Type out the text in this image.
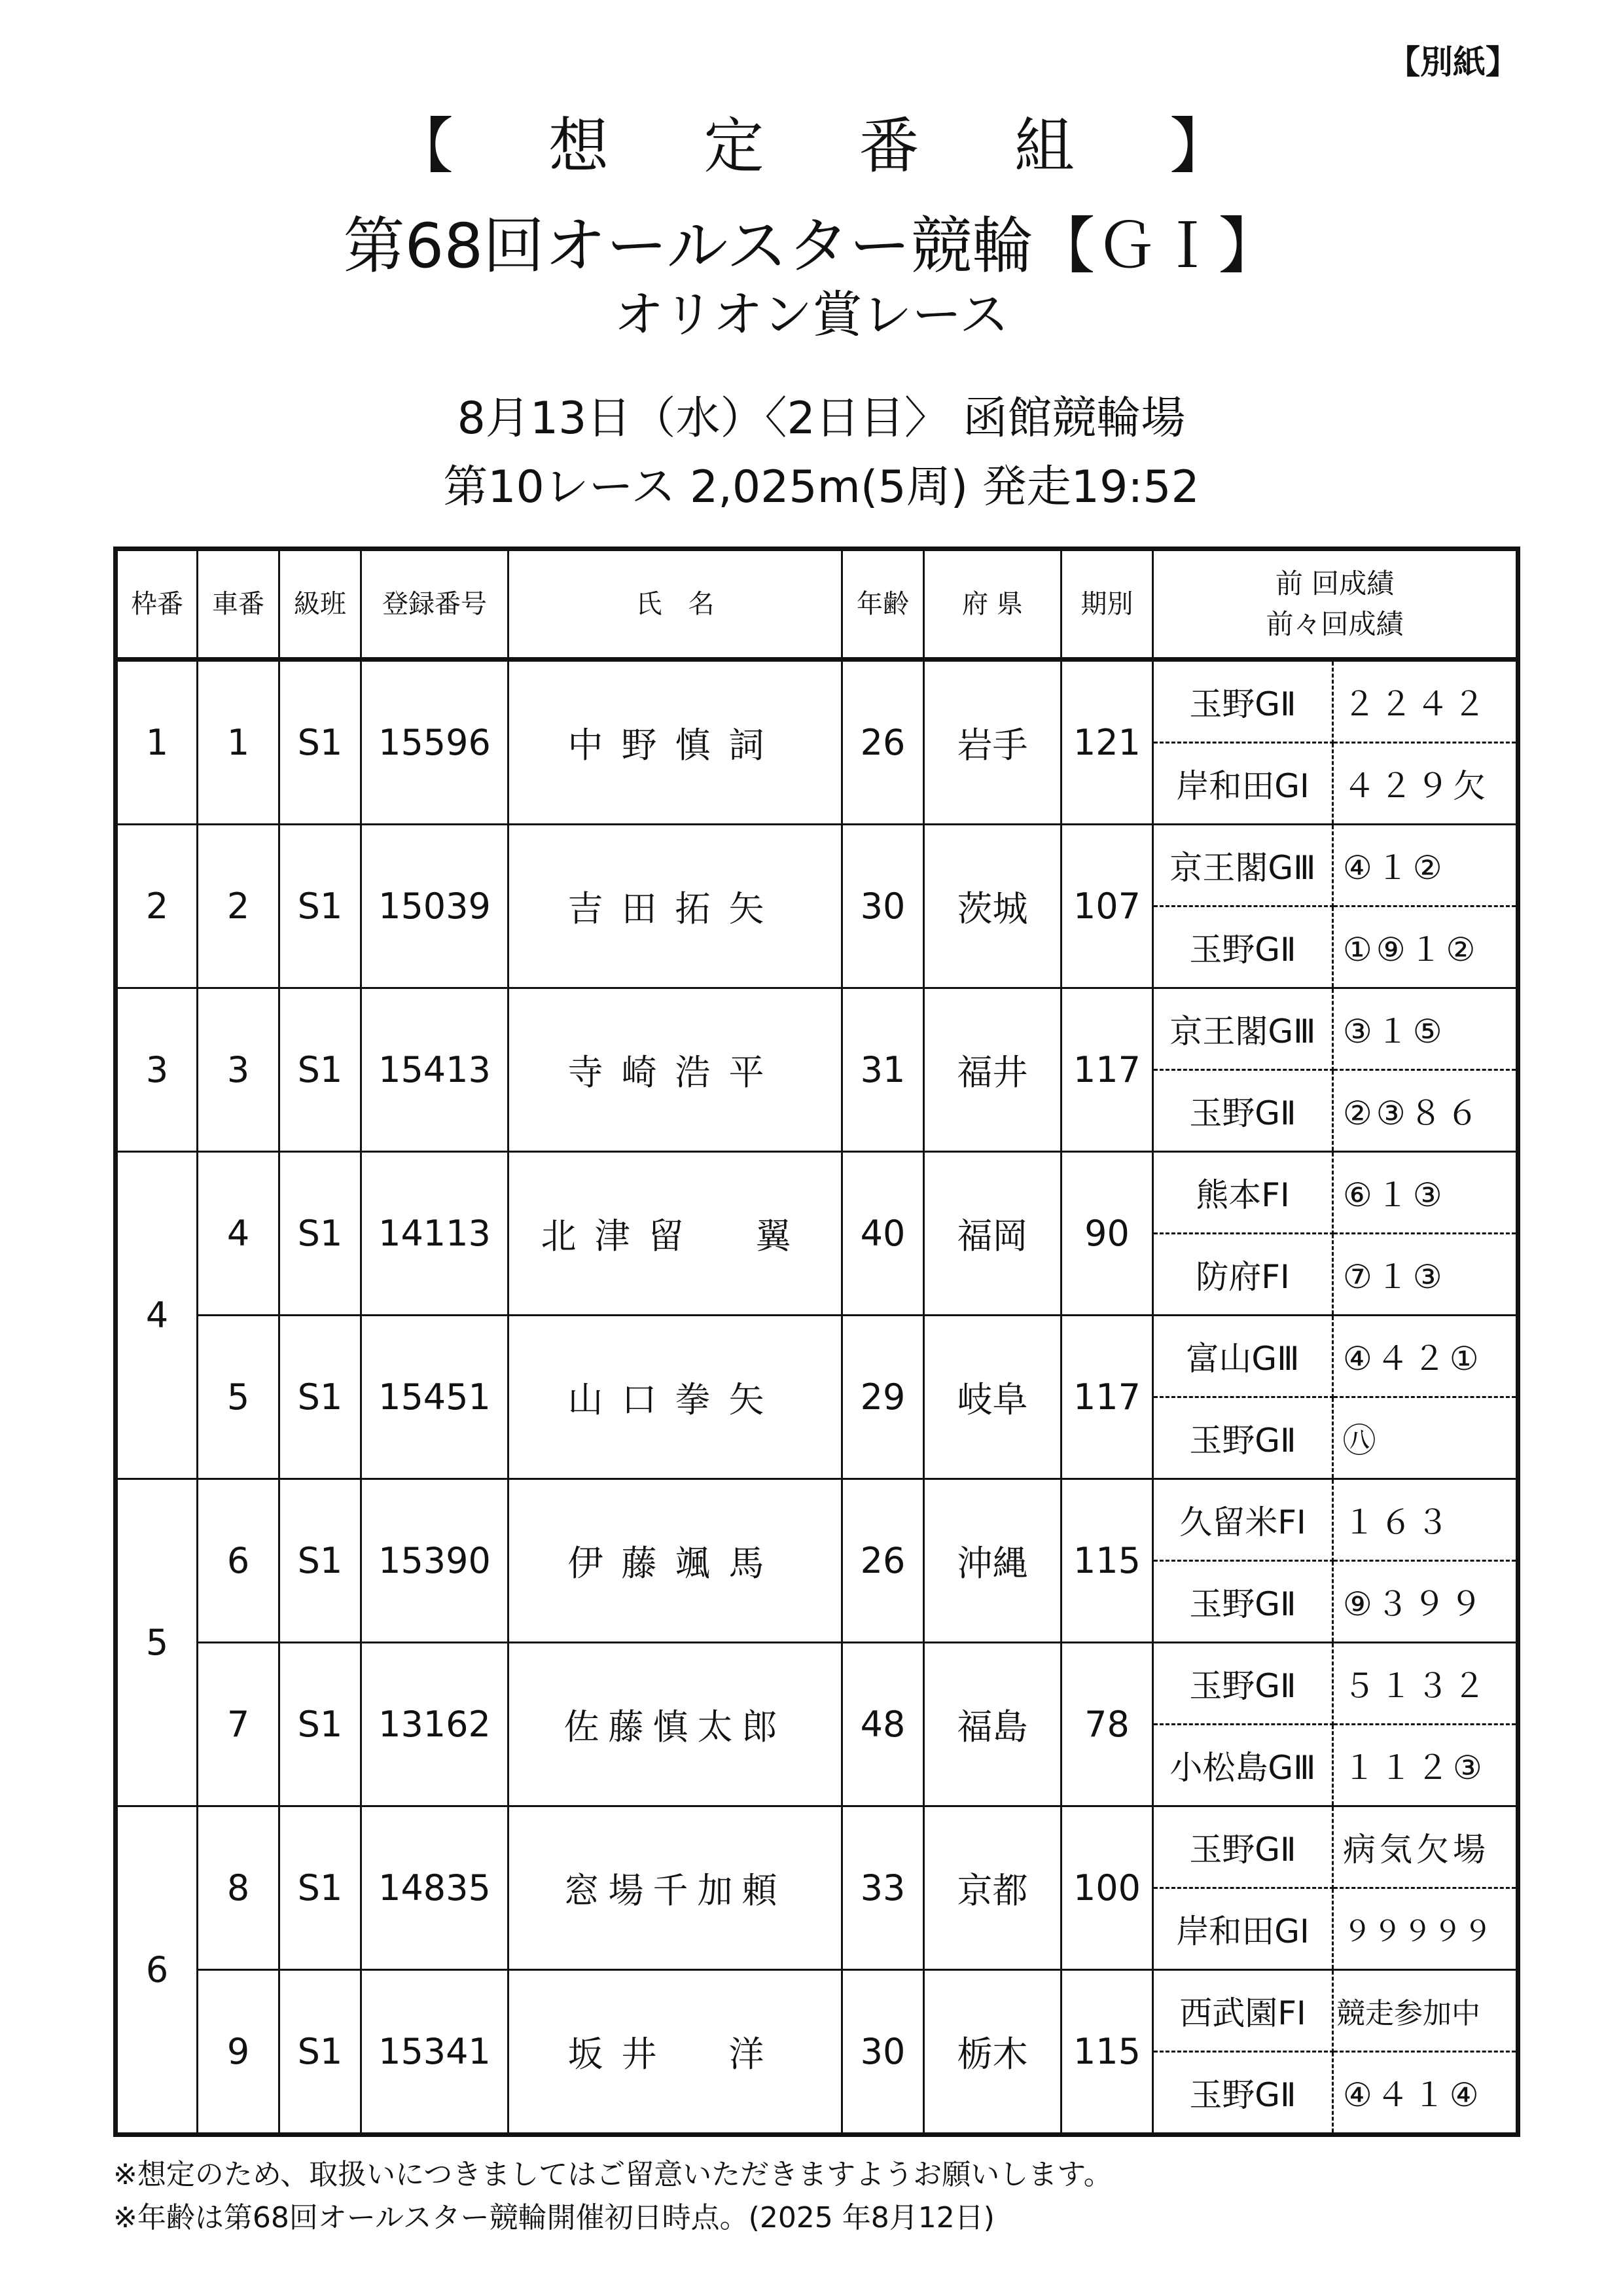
【別紙】
【 想 定 番 組 】
第68回オールスター競輪【ＧＩ】
オリオン賞レース
8月13日（水）〈2日目〉 函館競輪場
第10レース 2,025m(5周) 発走19:52
枠番	車番	級班	登録番号	氏　名	年齢	府 県	期別	前 回成績
前々回成績	

1	1	S1	15596	中野慎詞	26	岩手	121	玉野GⅡ	２２４２
								岸和田GⅠ	４２９欠
2	2	S1	15039	吉田拓矢	30	茨城	107	京王閣GⅢ	④１②
								玉野GⅡ	①⑨１②
3	3	S1	15413	寺崎浩平	31	福井	117	京王閣GⅢ	③１⑤
								玉野GⅡ	②③８６
4	4	S1	14113	北津留　翼	40	福岡	90	熊本FⅠ	⑥１③
								防府FⅠ	⑦１③
	5	S1	15451	山口拳矢	29	岐阜	117	富山GⅢ	④４２①
								玉野GⅡ	㊇
5	6	S1	15390	伊藤颯馬	26	沖縄	115	久留米FⅠ	１６３
								玉野GⅡ	⑨３９９
	7	S1	13162	佐藤慎太郎	48	福島	78	玉野GⅡ	５１３２
								小松島GⅢ	１１２③
6	8	S1	14835	窓場千加頼	33	京都	100	玉野GⅡ	病気欠場
								岸和田GⅠ	９９９９９
	9	S1	15341	坂井　洋	30	栃木	115	西武園FⅠ	競走参加中
								玉野GⅡ	④４１④
※想定のため、取扱いにつきましてはご留意いただきますようお願いします。
※年齢は第68回オールスター競輪開催初日時点。(2025 年8月12日)
